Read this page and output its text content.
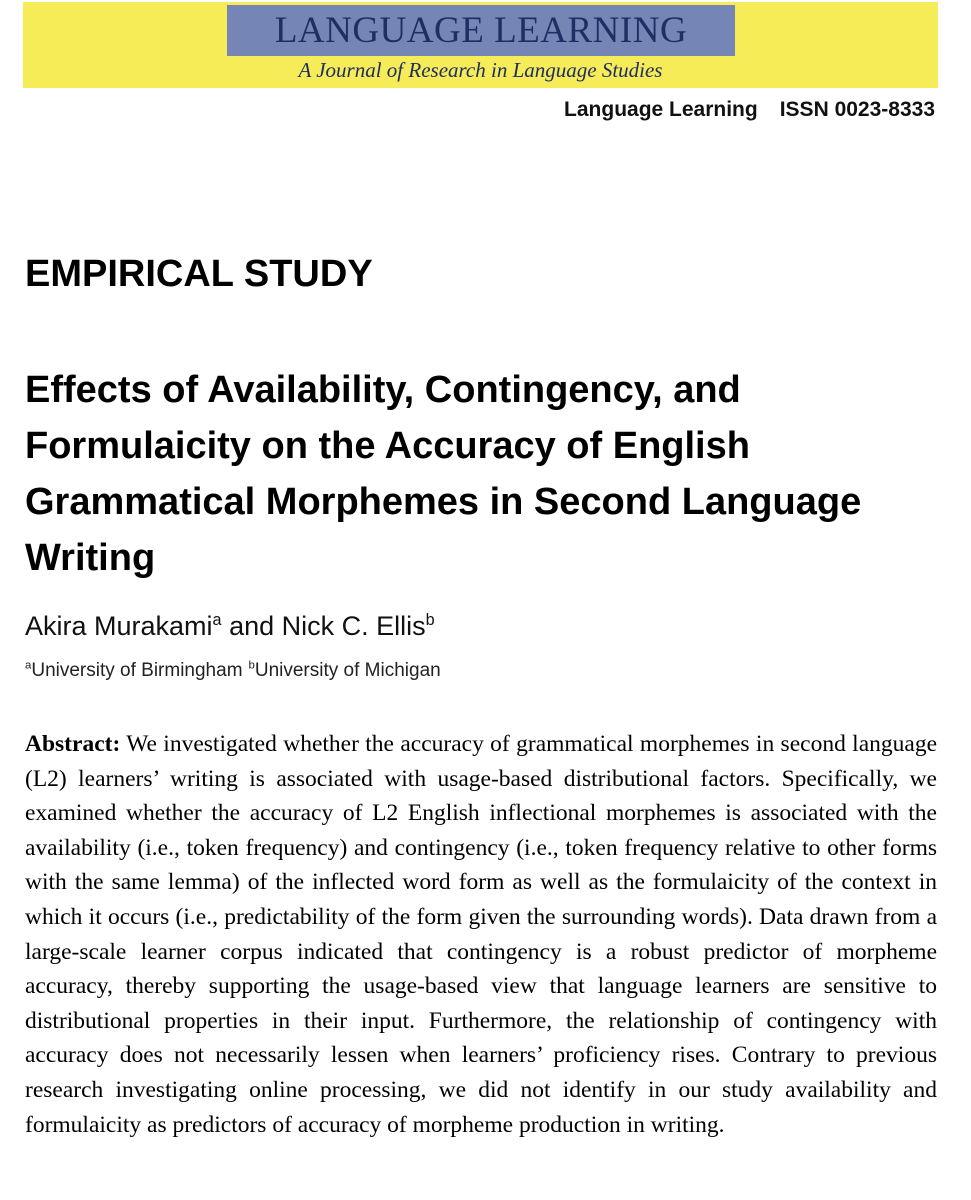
LANGUAGE LEARNING
A Journal of Research in Language Studies
Language Learning ISSN 0023-8333
EMPIRICAL STUDY
Effects of Availability, Contingency, and Formulaicity on the Accuracy of English Grammatical Morphemes in Second Language Writing
Akira Murakami$^a$ and Nick C. Ellis$^b$
$^a$University of Birmingham $^b$University of Michigan

Abstract: We investigated whether the accuracy of grammatical morphemes in second language (L2) learners’ writing is associated with usage-based distributional factors. Specifically, we examined whether the accuracy of L2 English inflectional morphemes is associated with the availability (i.e., token frequency) and contingency (i.e., token frequency relative to other forms with the same lemma) of the inflected word form as well as the formulaicity of the context in which it occurs (i.e., predictability of the form given the surrounding words). Data drawn from a large-scale learner corpus indicated that contingency is a robust predictor of morpheme accuracy, thereby supporting the usage-based view that language learners are sensitive to distributional properties in their input. Furthermore, the relationship of contingency with accuracy does not necessarily lessen when learners’ proficiency rises. Contrary to previous research investigating online processing, we did not identify in our study availability and formulaicity as predictors of accuracy of morpheme production in writing.
